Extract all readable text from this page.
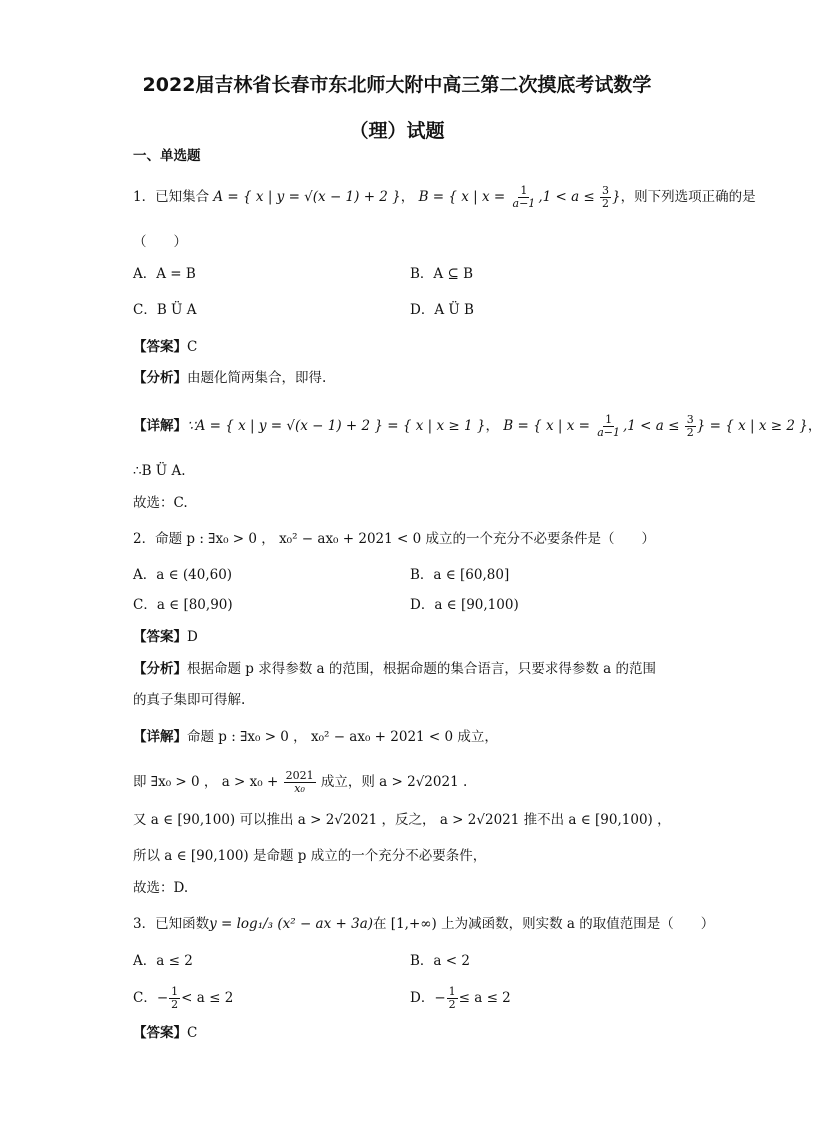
2022届吉林省长春市东北师大附中高三第二次摸底考试数学
（理）试题
一、单选题
1．已知集合 A = { x | y = √(x − 1) + 2 }， B = { x | $x = \frac{1}{a-1} ,1 < a \le \frac{3}{2}$ }，则下列选项正确的是
（　　）
A．A = B	B．A ⊆ B
C．B Ü A	D．A Ü B
【答案】C
【分析】由题化简两集合，即得.
【详解】∵A = { x | y = √(x − 1) + 2 } = { x | x ≥ 1 }， B = { x | $x = \frac{1}{a-1} ,1 < a \le \frac{3}{2}$ } = { x | x ≥ 2 }，
∴B Ü A.
故选：C.
2．命题 p : ∃x₀ > 0 ， x₀² − ax₀ + 2021 < 0 成立的一个充分不必要条件是（　　）
A．a ∈ (40,60)	B．a ∈ [60,80]
C．a ∈ [80,90)	D．a ∈ [90,100)
【答案】D
【分析】根据命题 p 求得参数 a 的范围，根据命题的集合语言，只要求得参数 a 的范围
的真子集即可得解.
【详解】命题 p : ∃x₀ > 0 ， x₀² − ax₀ + 2021 < 0 成立，
即 ∃x₀ > 0 ， $a > x_0 + \frac{2021}{\text{x₀}}$ 成立，则 a > 2√2021 .
又 a ∈ [90,100) 可以推出 a > 2√2021 ，反之， a > 2√2021 推不出 a ∈ [90,100) ，
所以 a ∈ [90,100) 是命题 p 成立的一个充分不必要条件，
故选：D.
3．已知函数y = log₁/₃ (x² − ax + 3a)在 [1,+∞) 上为减函数，则实数 a 的取值范围是（　　）
A．a ≤ 2	B．a < 2
C．− $\frac{1}{2} < a \le 2$	D．− $\frac{1}{2} \le a \le 2$
【答案】C
